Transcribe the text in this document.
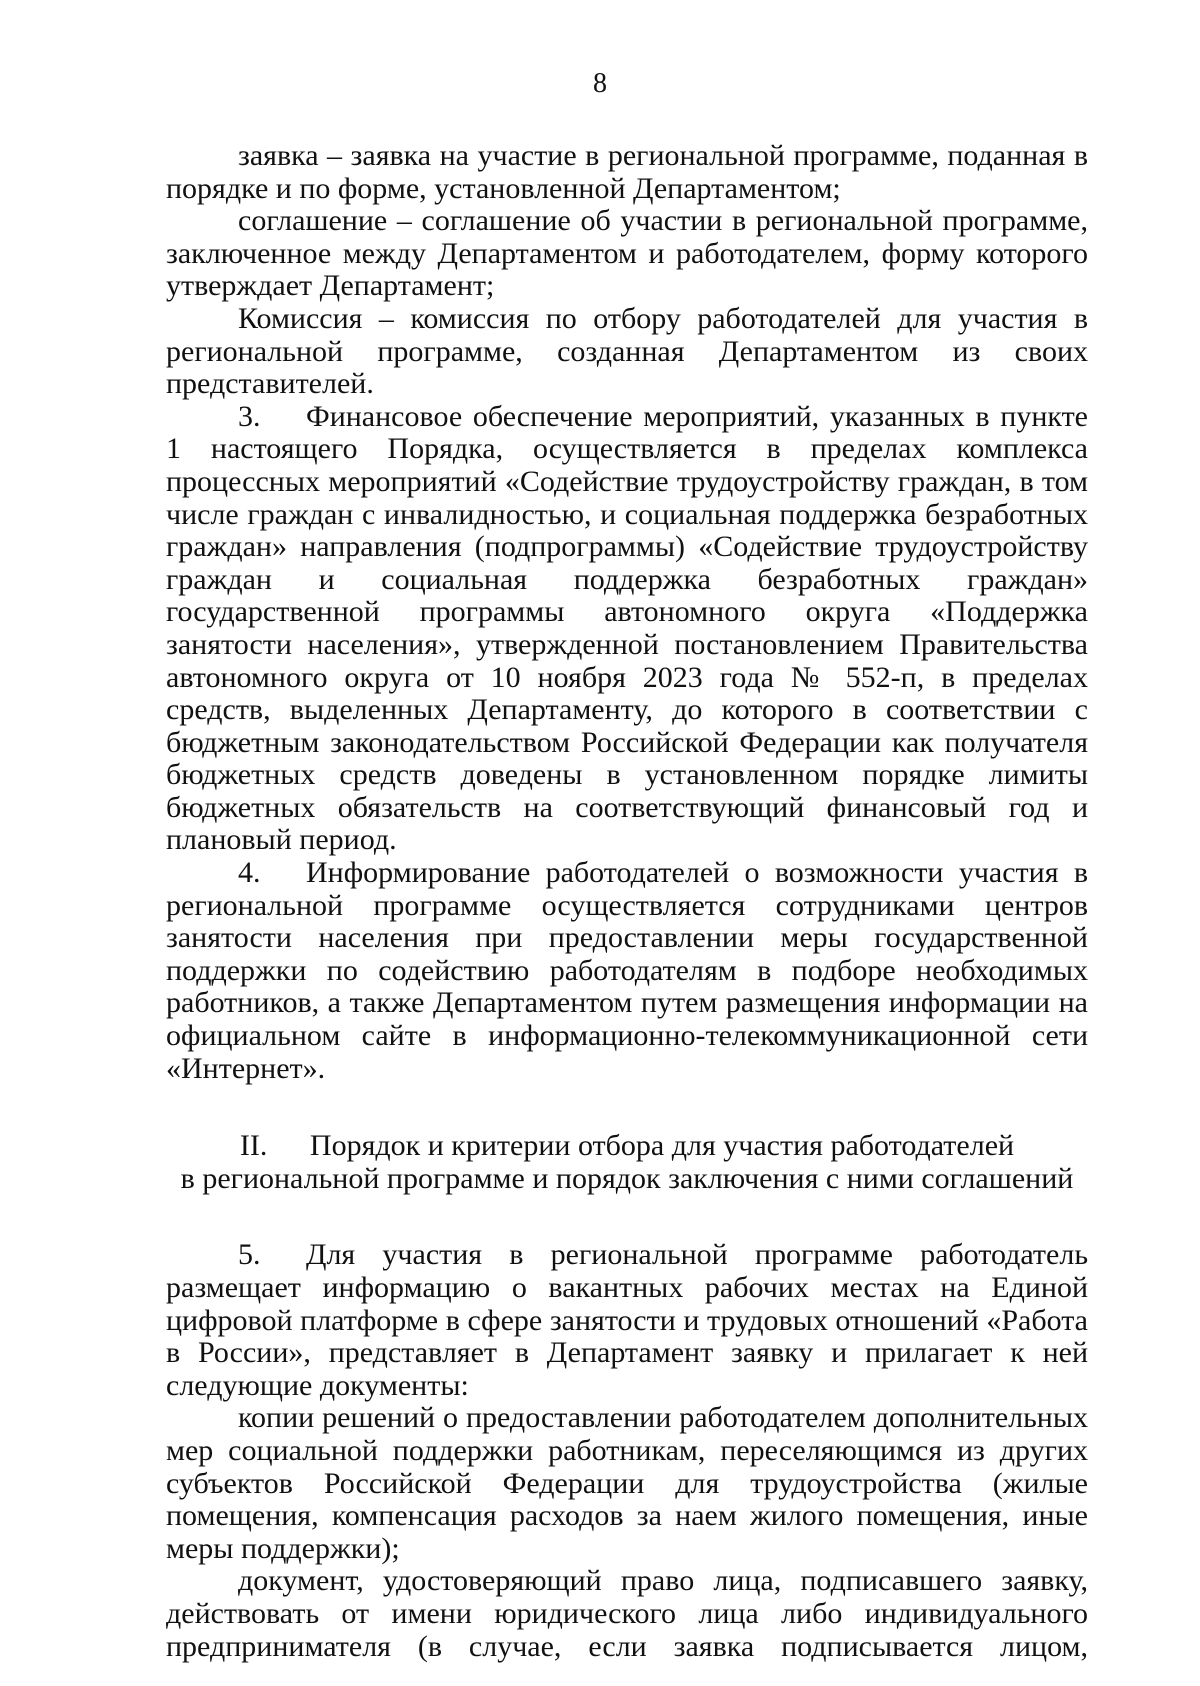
8

заявка – заявка на участие в региональной программе, поданная в порядке и по форме, установленной Департаментом;

соглашение – соглашение об участии в региональной программе, заключенное между Департаментом и работодателем, форму которого утверждает Департамент;

Комиссия – комиссия по отбору работодателей для участия в региональной программе, созданная Департаментом из своих представителей.

3. Финансовое обеспечение мероприятий, указанных в пункте 1 настоящего Порядка, осуществляется в пределах комплекса процессных мероприятий «Содействие трудоустройству граждан, в том числе граждан с инвалидностью, и социальная поддержка безработных граждан» направления (подпрограммы) «Содействие трудоустройству граждан и социальная поддержка безработных граждан» государственной программы автономного округа «Поддержка занятости населения», утвержденной постановлением Правительства автономного округа от 10 ноября 2023 года № 552-п, в пределах средств, выделенных Департаменту, до которого в соответствии с бюджетным законодательством Российской Федерации как получателя бюджетных средств доведены в установленном порядке лимиты бюджетных обязательств на соответствующий финансовый год и плановый период.

4. Информирование работодателей о возможности участия в региональной программе осуществляется сотрудниками центров занятости населения при предоставлении меры государственной поддержки по содействию работодателям в подборе необходимых работников, а также Департаментом путем размещения информации на официальном сайте в информационно-телекоммуникационной сети «Интернет».

II. Порядок и критерии отбора для участия работодателей
в региональной программе и порядок заключения с ними соглашений

5. Для участия в региональной программе работодатель размещает информацию о вакантных рабочих местах на Единой цифровой платформе в сфере занятости и трудовых отношений «Работа в России», представляет в Департамент заявку и прилагает к ней следующие документы:

копии решений о предоставлении работодателем дополнительных мер социальной поддержки работникам, переселяющимся из других субъектов Российской Федерации для трудоустройства (жилые помещения, компенсация расходов за наем жилого помещения, иные меры поддержки);

документ, удостоверяющий право лица, подписавшего заявку, действовать от имени юридического лица либо индивидуального предпринимателя (в случае, если заявка подписывается лицом,
